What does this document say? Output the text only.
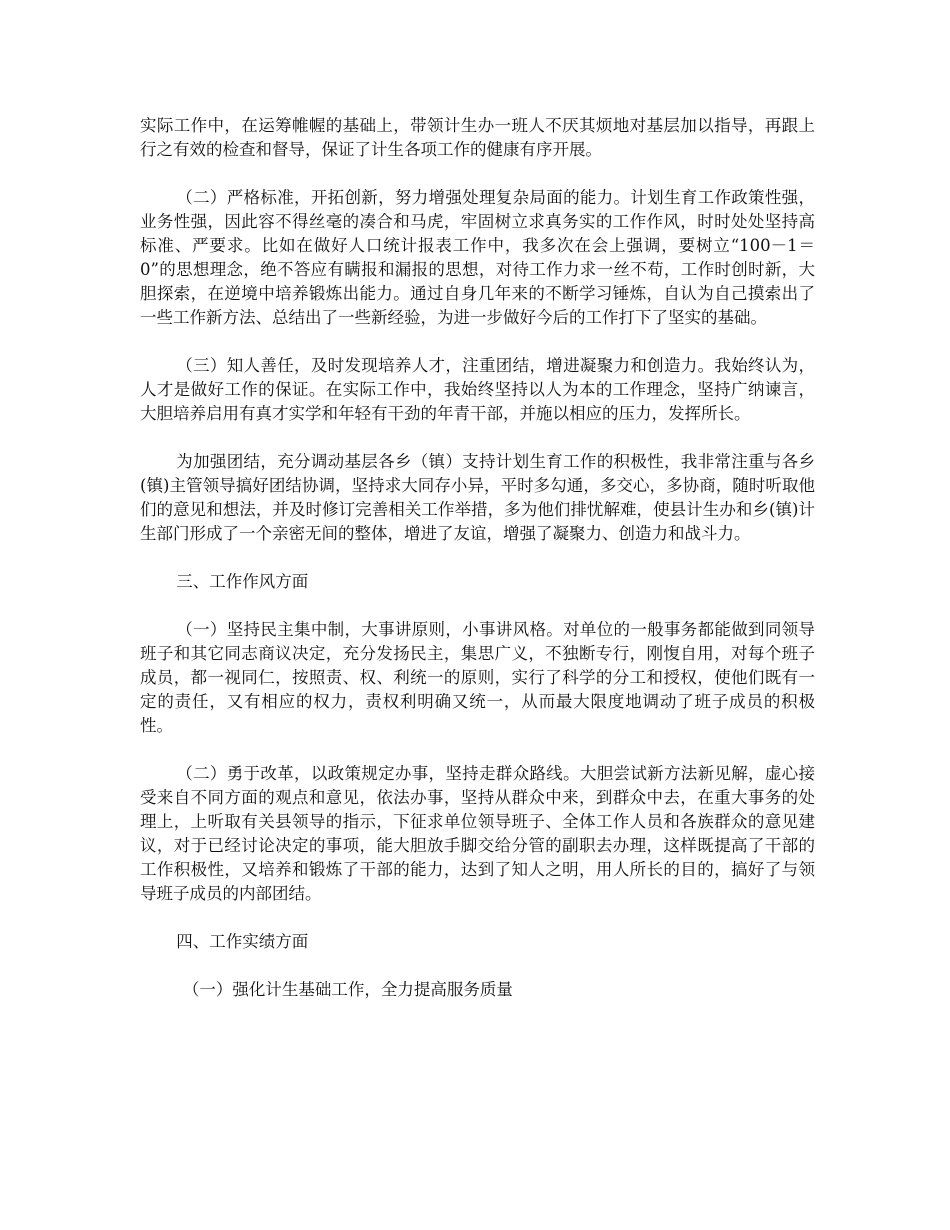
实际工作中，在运筹帷幄的基础上，带领计生办一班人不厌其烦地对基层加以指导，再跟上行之有效的检查和督导，保证了计生各项工作的健康有序开展。

（二）严格标准，开拓创新，努力增强处理复杂局面的能力。计划生育工作政策性强，业务性强，因此容不得丝毫的凑合和马虎，牢固树立求真务实的工作作风，时时处处坚持高标准、严要求。比如在做好人口统计报表工作中，我多次在会上强调，要树立“100－1＝0”的思想理念，绝不答应有瞒报和漏报的思想，对待工作力求一丝不苟，工作时创时新，大胆探索，在逆境中培养锻炼出能力。通过自身几年来的不断学习锤炼，自认为自己摸索出了一些工作新方法、总结出了一些新经验，为进一步做好今后的工作打下了坚实的基础。

（三）知人善任，及时发现培养人才，注重团结，增进凝聚力和创造力。我始终认为，人才是做好工作的保证。在实际工作中，我始终坚持以人为本的工作理念，坚持广纳谏言，大胆培养启用有真才实学和年轻有干劲的年青干部，并施以相应的压力，发挥所长。

为加强团结，充分调动基层各乡（镇）支持计划生育工作的积极性，我非常注重与各乡(镇)主管领导搞好团结协调，坚持求大同存小异，平时多勾通，多交心，多协商，随时听取他们的意见和想法，并及时修订完善相关工作举措，多为他们排忧解难，使县计生办和乡(镇)计生部门形成了一个亲密无间的整体，增进了友谊，增强了凝聚力、创造力和战斗力。

三、工作作风方面

（一）坚持民主集中制，大事讲原则，小事讲风格。对单位的一般事务都能做到同领导班子和其它同志商议决定，充分发扬民主，集思广义，不独断专行，刚愎自用，对每个班子成员，都一视同仁，按照责、权、利统一的原则，实行了科学的分工和授权，使他们既有一定的责任，又有相应的权力，责权利明确又统一，从而最大限度地调动了班子成员的积极性。

（二）勇于改革，以政策规定办事，坚持走群众路线。大胆尝试新方法新见解，虚心接受来自不同方面的观点和意见，依法办事，坚持从群众中来，到群众中去，在重大事务的处理上，上听取有关县领导的指示，下征求单位领导班子、全体工作人员和各族群众的意见建议，对于已经讨论决定的事项，能大胆放手脚交给分管的副职去办理，这样既提高了干部的工作积极性，又培养和锻炼了干部的能力，达到了知人之明，用人所长的目的，搞好了与领导班子成员的内部团结。

四、工作实绩方面

（一）强化计生基础工作，全力提高服务质量
